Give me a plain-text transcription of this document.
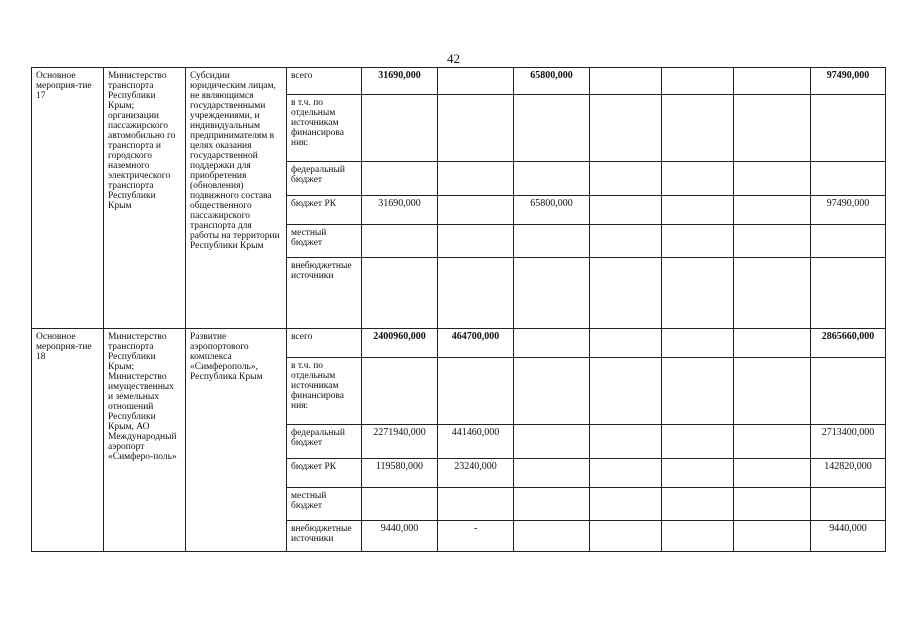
42
Основное мероприя-тие 17	Министерство транспорта Республики Крым; организации пассажирского автомобильно го транспорта и городского наземного электрического транспорта Республики Крым	Субсидии юридическим лицам, не являющимся государственными учреждениями, и индивидуальным предпринимателям в целях оказания государственной поддержки для приобретения (обновления) подвижного состава общественного пассажирского транспорта для работы на территории Республики Крым	всего	31690,000		65800,000				97490,000
			в т.ч. по отдельным источникам финансирова ния:							
			федеральный бюджет							
			бюджет РК	31690,000		65800,000				97490,000
			местный бюджет							
			внебюджетные источники							
Основное мероприя-тие 18	Министерство транспорта Республики Крым; Министерство имущественных и земельных отношений Республики Крым, АО Международный аэропорт «Симферо-поль»	Развитие аэропортового комплекса «Симферополь», Республика Крым	всего	2400960,000	464700,000					2865660,000
			в т.ч. по отдельным источникам финансирова ния:							
			федеральный бюджет	2271940,000	441460,000					2713400,000
			бюджет РК	119580,000	23240,000					142820,000
			местный бюджет							
			внебюджетные источники	9440,000	-					9440,000
